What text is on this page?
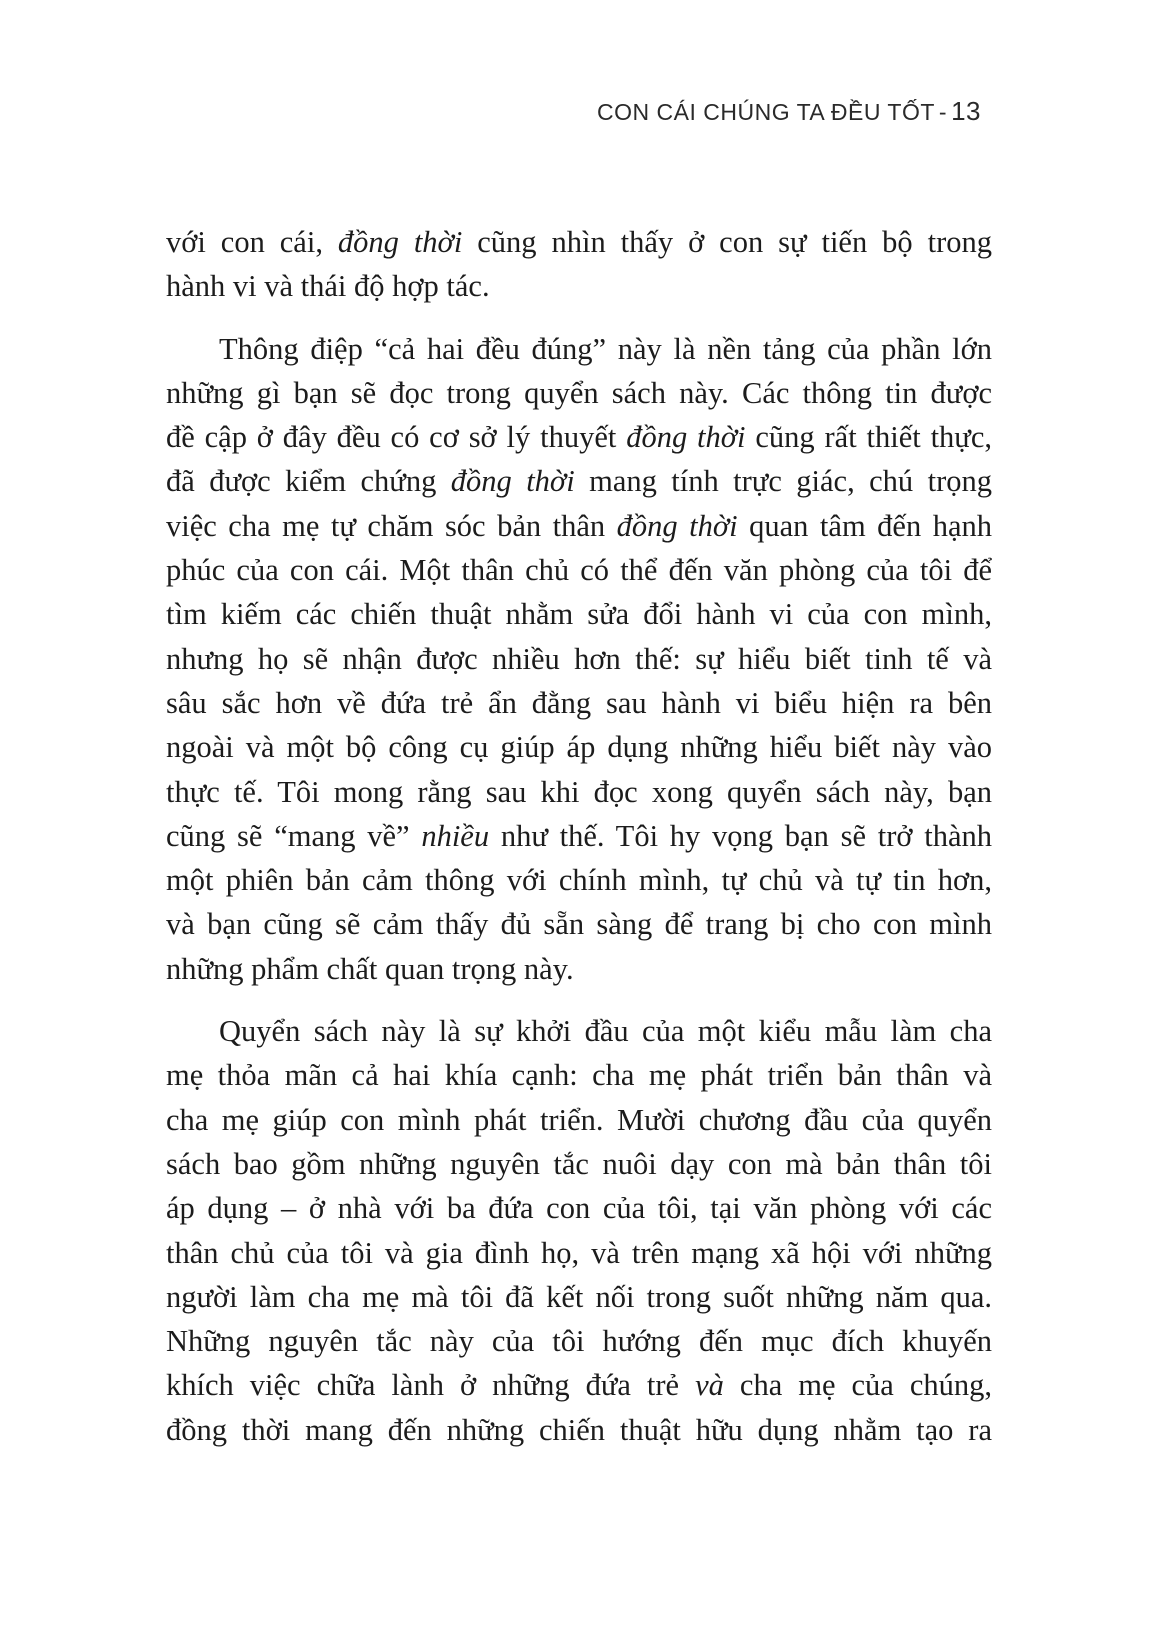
CON CÁI CHÚNG TA ĐỀU TỐT - 13

với con cái, đồng thời cũng nhìn thấy ở con sự tiến bộ trong
hành vi và thái độ hợp tác.

Thông điệp “cả hai đều đúng” này là nền tảng của phần lớn
những gì bạn sẽ đọc trong quyển sách này. Các thông tin được
đề cập ở đây đều có cơ sở lý thuyết đồng thời cũng rất thiết thực,
đã được kiểm chứng đồng thời mang tính trực giác, chú trọng
việc cha mẹ tự chăm sóc bản thân đồng thời quan tâm đến hạnh
phúc của con cái. Một thân chủ có thể đến văn phòng của tôi để
tìm kiếm các chiến thuật nhằm sửa đổi hành vi của con mình,
nhưng họ sẽ nhận được nhiều hơn thế: sự hiểu biết tinh tế và
sâu sắc hơn về đứa trẻ ẩn đằng sau hành vi biểu hiện ra bên
ngoài và một bộ công cụ giúp áp dụng những hiểu biết này vào
thực tế. Tôi mong rằng sau khi đọc xong quyển sách này, bạn
cũng sẽ “mang về” nhiều như thế. Tôi hy vọng bạn sẽ trở thành
một phiên bản cảm thông với chính mình, tự chủ và tự tin hơn,
và bạn cũng sẽ cảm thấy đủ sẵn sàng để trang bị cho con mình
những phẩm chất quan trọng này.

Quyển sách này là sự khởi đầu của một kiểu mẫu làm cha
mẹ thỏa mãn cả hai khía cạnh: cha mẹ phát triển bản thân và
cha mẹ giúp con mình phát triển. Mười chương đầu của quyển
sách bao gồm những nguyên tắc nuôi dạy con mà bản thân tôi
áp dụng – ở nhà với ba đứa con của tôi, tại văn phòng với các
thân chủ của tôi và gia đình họ, và trên mạng xã hội với những
người làm cha mẹ mà tôi đã kết nối trong suốt những năm qua.
Những nguyên tắc này của tôi hướng đến mục đích khuyến
khích việc chữa lành ở những đứa trẻ và cha mẹ của chúng,
đồng thời mang đến những chiến thuật hữu dụng nhằm tạo ra
